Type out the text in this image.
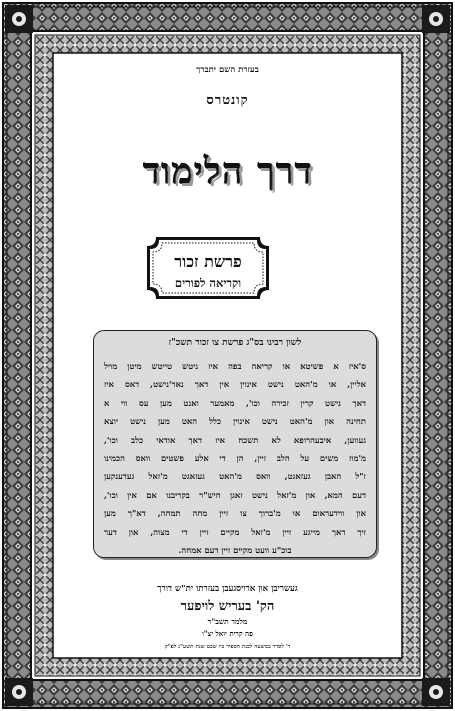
בעזרת השם יתברך
קונטרס
דרך הלימוד
פרשת זכור
וקריאה לפורים
לשון רבינו בס"ג פרשת צו זכור תשכ"ז
ס'איז א פשיטא או קריאה בפה איז ניטש טייטש מיטן מויל
אליין, או מ'האט נישט אינוין אין דאך נאר'נישט, דאס איז
דאך נישט קרין זכירה וכו', מאמער ואנט מען עס ווי א
תחינה און מ'האט נישט אינוין כלל האט מען נישט יוצא
געווען, איבעהרופא לא תשכח איז דאך אודאי כלב וכו',
מ'מוז משים על הלב זיין, הן די אלע פשטים וואס הכמינו
ז"ל האבן געזאגט, וואס מ'האט געזאגט מ'זאל געדענקען
דעם המא, און מ'זאל נישט זאגן חיש"ר בקריבנו אם אין וכו',
און ווידעראום או מ'ברוך צו זיין מחה תמחה, דא"ך מען
זיך דאך מייגע זיין מ'זאל מקיים זיין די מצוה, און דער
בוכ"ע וועט מקיים זיין דעם אמחה.
געשריבן און ארויסגעבן בעזרתו ית"ש דורך
הק' בעריש לויפער
מלמד תשב"ר
פה קרית יואל יצ"ו
ר' לסדר במשעה לבנת הספיר ביו שבט שנת תשע"ג לפ"ק
